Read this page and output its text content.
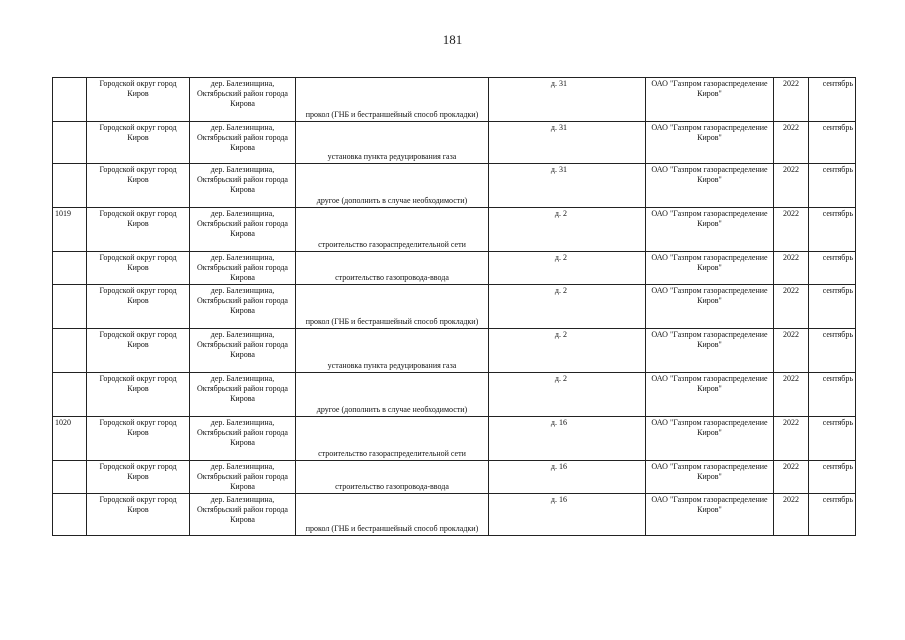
181
	Городской округ город Киров	дер. Балезинщина, Октябрьский район города Кирова	прокол (ГНБ и бестраншейный способ прокладки)	д. 31	ОАО "Газпром газораспределение Киров"	2022	сентябрь
	Городской округ город Киров	дер. Балезинщина, Октябрьский район города Кирова	установка пункта редуцирования газа	д. 31	ОАО "Газпром газораспределение Киров"	2022	сентябрь
	Городской округ город Киров	дер. Балезинщина, Октябрьский район города Кирова	другое (дополнить в случае необходимости)	д. 31	ОАО "Газпром газораспределение Киров"	2022	сентябрь
1019	Городской округ город Киров	дер. Балезинщина, Октябрьский район города Кирова	строительство газораспределительной сети	д. 2	ОАО "Газпром газораспределение Киров"	2022	сентябрь
	Городской округ город Киров	дер. Балезинщина, Октябрьский район города Кирова	строительство газопровода-ввода	д. 2	ОАО "Газпром газораспределение Киров"	2022	сентябрь
	Городской округ город Киров	дер. Балезинщина, Октябрьский район города Кирова	прокол (ГНБ и бестраншейный способ прокладки)	д. 2	ОАО "Газпром газораспределение Киров"	2022	сентябрь
	Городской округ город Киров	дер. Балезинщина, Октябрьский район города Кирова	установка пункта редуцирования газа	д. 2	ОАО "Газпром газораспределение Киров"	2022	сентябрь
	Городской округ город Киров	дер. Балезинщина, Октябрьский район города Кирова	другое (дополнить в случае необходимости)	д. 2	ОАО "Газпром газораспределение Киров"	2022	сентябрь
1020	Городской округ город Киров	дер. Балезинщина, Октябрьский район города Кирова	строительство газораспределительной сети	д. 16	ОАО "Газпром газораспределение Киров"	2022	сентябрь
	Городской округ город Киров	дер. Балезинщина, Октябрьский район города Кирова	строительство газопровода-ввода	д. 16	ОАО "Газпром газораспределение Киров"	2022	сентябрь
	Городской округ город Киров	дер. Балезинщина, Октябрьский район города Кирова	прокол (ГНБ и бестраншейный способ прокладки)	д. 16	ОАО "Газпром газораспределение Киров"	2022	сентябрь
